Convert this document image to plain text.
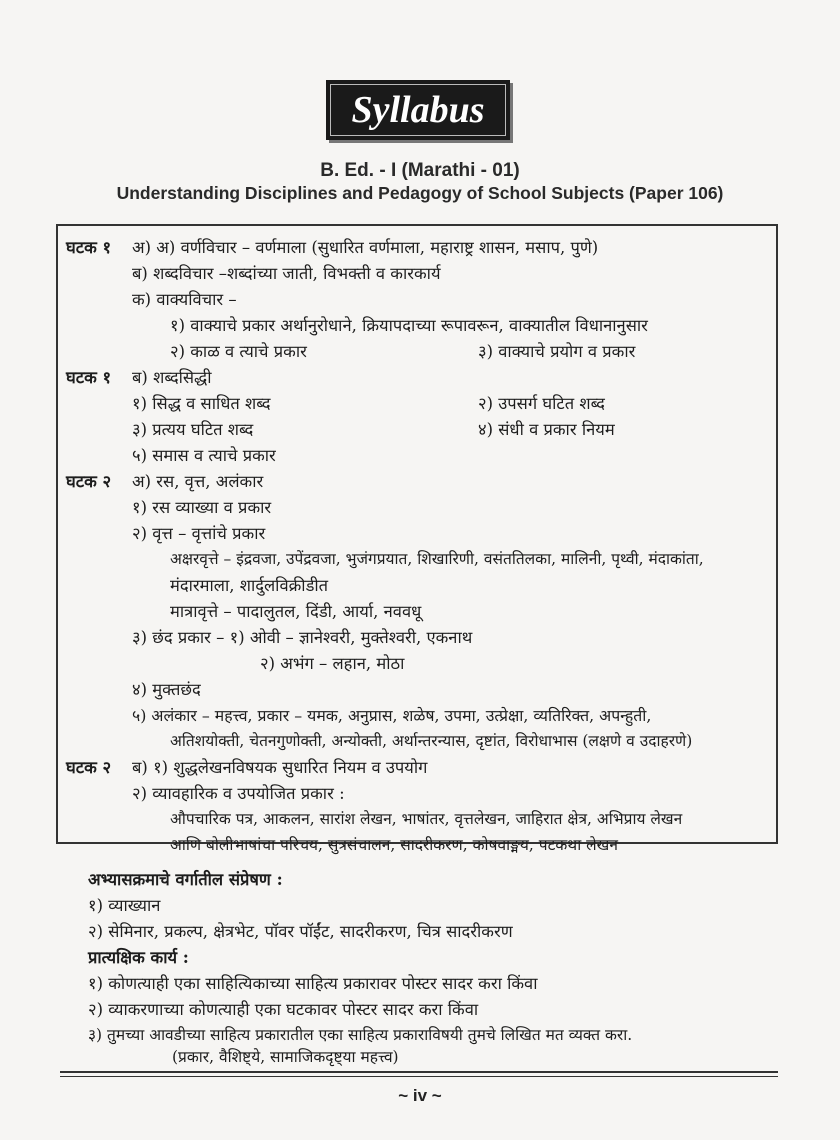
Syllabus
B. Ed. - I (Marathi - 01)
Understanding Disciplines and Pedagogy of School Subjects (Paper 106)
घटक १ अ) अ) वर्णविचार – वर्णमाला (सुधारित वर्णमाला, महाराष्ट्र शासन, मसाप, पुणे)
ब) शब्दविचार –शब्दांच्या जाती, विभक्ती व कारकार्य
क) वाक्यविचार –
१) वाक्याचे प्रकार अर्थानुरोधाने, क्रियापदाच्या रूपावरून, वाक्यातील विधानानुसार
२) काळ व त्याचे प्रकार	३) वाक्याचे प्रयोग व प्रकार
घटक १ ब) शब्दसिद्धी
१) सिद्ध व साधित शब्द	२) उपसर्ग घटित शब्द
३) प्रत्यय घटित शब्द	४) संधी व प्रकार नियम
५) समास व त्याचे प्रकार
घटक २ अ) रस, वृत्त, अलंकार
१) रस व्याख्या व प्रकार
२) वृत्त – वृत्तांचे प्रकार
अक्षरवृत्ते – इंद्रवजा, उपेंद्रवजा, भुजंगप्रयात, शिखारिणी, वसंततिलका, मालिनी, पृथ्वी, मंदाकांता,
मंदारमाला, शार्दुलविक्रीडीत
मात्रावृत्ते – पादालुतल, दिंडी, आर्या, नववधू
३) छंद प्रकार – १) ओवी – ज्ञानेश्वरी, मुक्तेश्वरी, एकनाथ
२) अभंग – लहान, मोठा
४) मुक्तछंद
५) अलंकार – महत्त्व, प्रकार – यमक, अनुप्रास, शळेष, उपमा, उत्प्रेक्षा, व्यतिरिक्त, अपन्हुती,
अतिशयोक्ती, चेतनगुणोक्ती, अन्योक्ती, अर्थान्तरन्यास, दृष्टांत, विरोधाभास (लक्षणे व उदाहरणे)
घटक २ ब) १) शुद्धलेखनविषयक सुधारित नियम व उपयोग
२) व्यावहारिक व उपयोजित प्रकार :
औपचारिक पत्र, आकलन, सारांश लेखन, भाषांतर, वृत्तलेखन, जाहिरात क्षेत्र, अभिप्राय लेखन
आणि बोलीभाषांचा परिचय, सुत्रसंचालन, सादरीकरण, कोषवाङ्मय, पटकथा लेखन
अभ्यासक्रमाचे वर्गातील संप्रेषण :
१) व्याख्यान
२) सेमिनार, प्रकल्प, क्षेत्रभेट, पॉवर पॉईंट, सादरीकरण, चित्र सादरीकरण
प्रात्यक्षिक कार्य :
१) कोणत्याही एका साहित्यिकाच्या साहित्य प्रकारावर पोस्टर सादर करा किंवा
२) व्याकरणाच्या कोणत्याही एका घटकावर पोस्टर सादर करा किंवा
३) तुमच्या आवडीच्या साहित्य प्रकारातील एका साहित्य प्रकाराविषयी तुमचे लिखित मत व्यक्त करा.
(प्रकार, वैशिष्ट्ये, सामाजिकदृष्ट्या महत्त्व)
~ iv ~
